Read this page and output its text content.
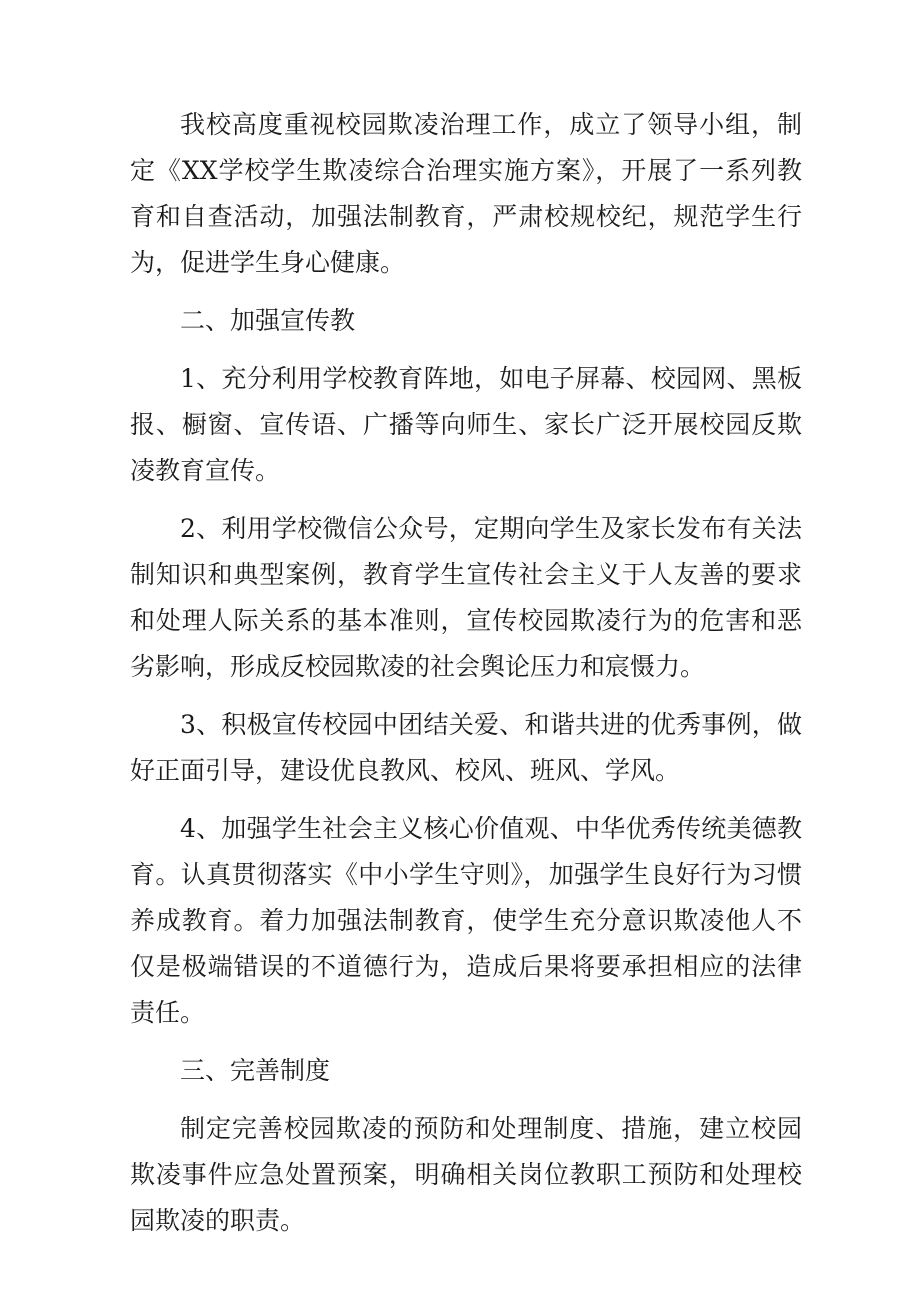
我校高度重视校园欺凌治理工作，成立了领导小组，制定《XX学校学生欺凌综合治理实施方案》，开展了一系列教育和自查活动，加强法制教育，严肃校规校纪，规范学生行为，促进学生身心健康。

二、加强宣传教

1、充分利用学校教育阵地，如电子屏幕、校园网、黑板报、橱窗、宣传语、广播等向师生、家长广泛开展校园反欺凌教育宣传。

2、利用学校微信公众号，定期向学生及家长发布有关法制知识和典型案例，教育学生宣传社会主义于人友善的要求和处理人际关系的基本准则，宣传校园欺凌行为的危害和恶劣影响，形成反校园欺凌的社会舆论压力和宸慑力。

3、积极宣传校园中团结关爱、和谐共进的优秀事例，做好正面引导，建设优良教风、校风、班风、学风。

4、加强学生社会主义核心价值观、中华优秀传统美德教育。认真贯彻落实《中小学生守则》，加强学生良好行为习惯养成教育。着力加强法制教育，使学生充分意识欺凌他人不仅是极端错误的不道德行为，造成后果将要承担相应的法律责任。

三、完善制度

制定完善校园欺凌的预防和处理制度、措施，建立校园欺凌事件应急处置预案，明确相关岗位教职工预防和处理校园欺凌的职责。
